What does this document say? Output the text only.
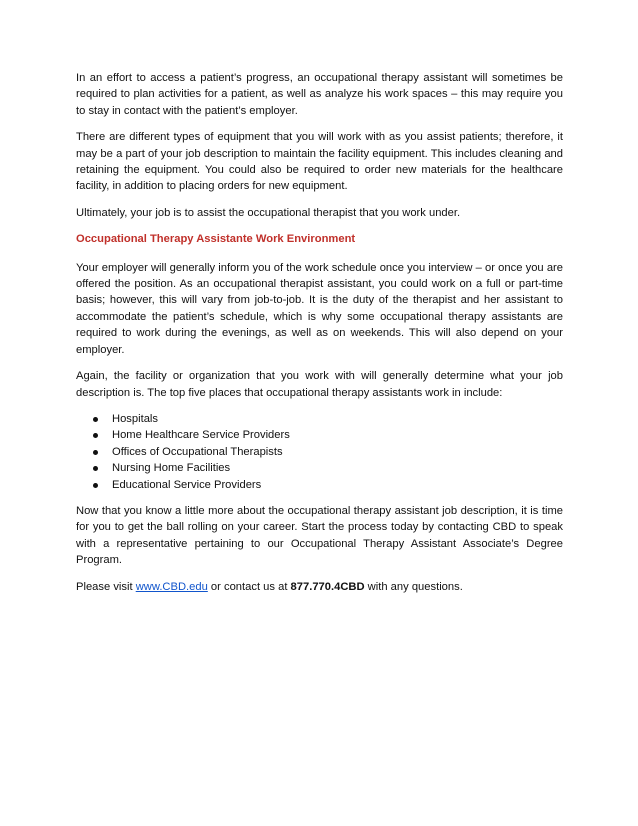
In an effort to access a patient’s progress, an occupational therapy assistant will sometimes be required to plan activities for a patient, as well as analyze his work spaces – this may require you to stay in contact with the patient’s employer.

There are different types of equipment that you will work with as you assist patients; therefore, it may be a part of your job description to maintain the facility equipment. This includes cleaning and retaining the equipment. You could also be required to order new materials for the healthcare facility, in addition to placing orders for new equipment.

Ultimately, your job is to assist the occupational therapist that you work under.

Occupational Therapy Assistante Work Environment

Your employer will generally inform you of the work schedule once you interview – or once you are offered the position. As an occupational therapist assistant, you could work on a full or part-time basis; however, this will vary from job-to-job. It is the duty of the therapist and her assistant to accommodate the patient’s schedule, which is why some occupational therapy assistants are required to work during the evenings, as well as on weekends. This will also depend on your employer.

Again, the facility or organization that you work with will generally determine what your job description is. The top five places that occupational therapy assistants work in include:

Hospitals
Home Healthcare Service Providers
Offices of Occupational Therapists
Nursing Home Facilities
Educational Service Providers

Now that you know a little more about the occupational therapy assistant job description, it is time for you to get the ball rolling on your career. Start the process today by contacting CBD to speak with a representative pertaining to our Occupational Therapy Assistant Associate’s Degree Program.

Please visit www.CBD.edu or contact us at 877.770.4CBD with any questions.
